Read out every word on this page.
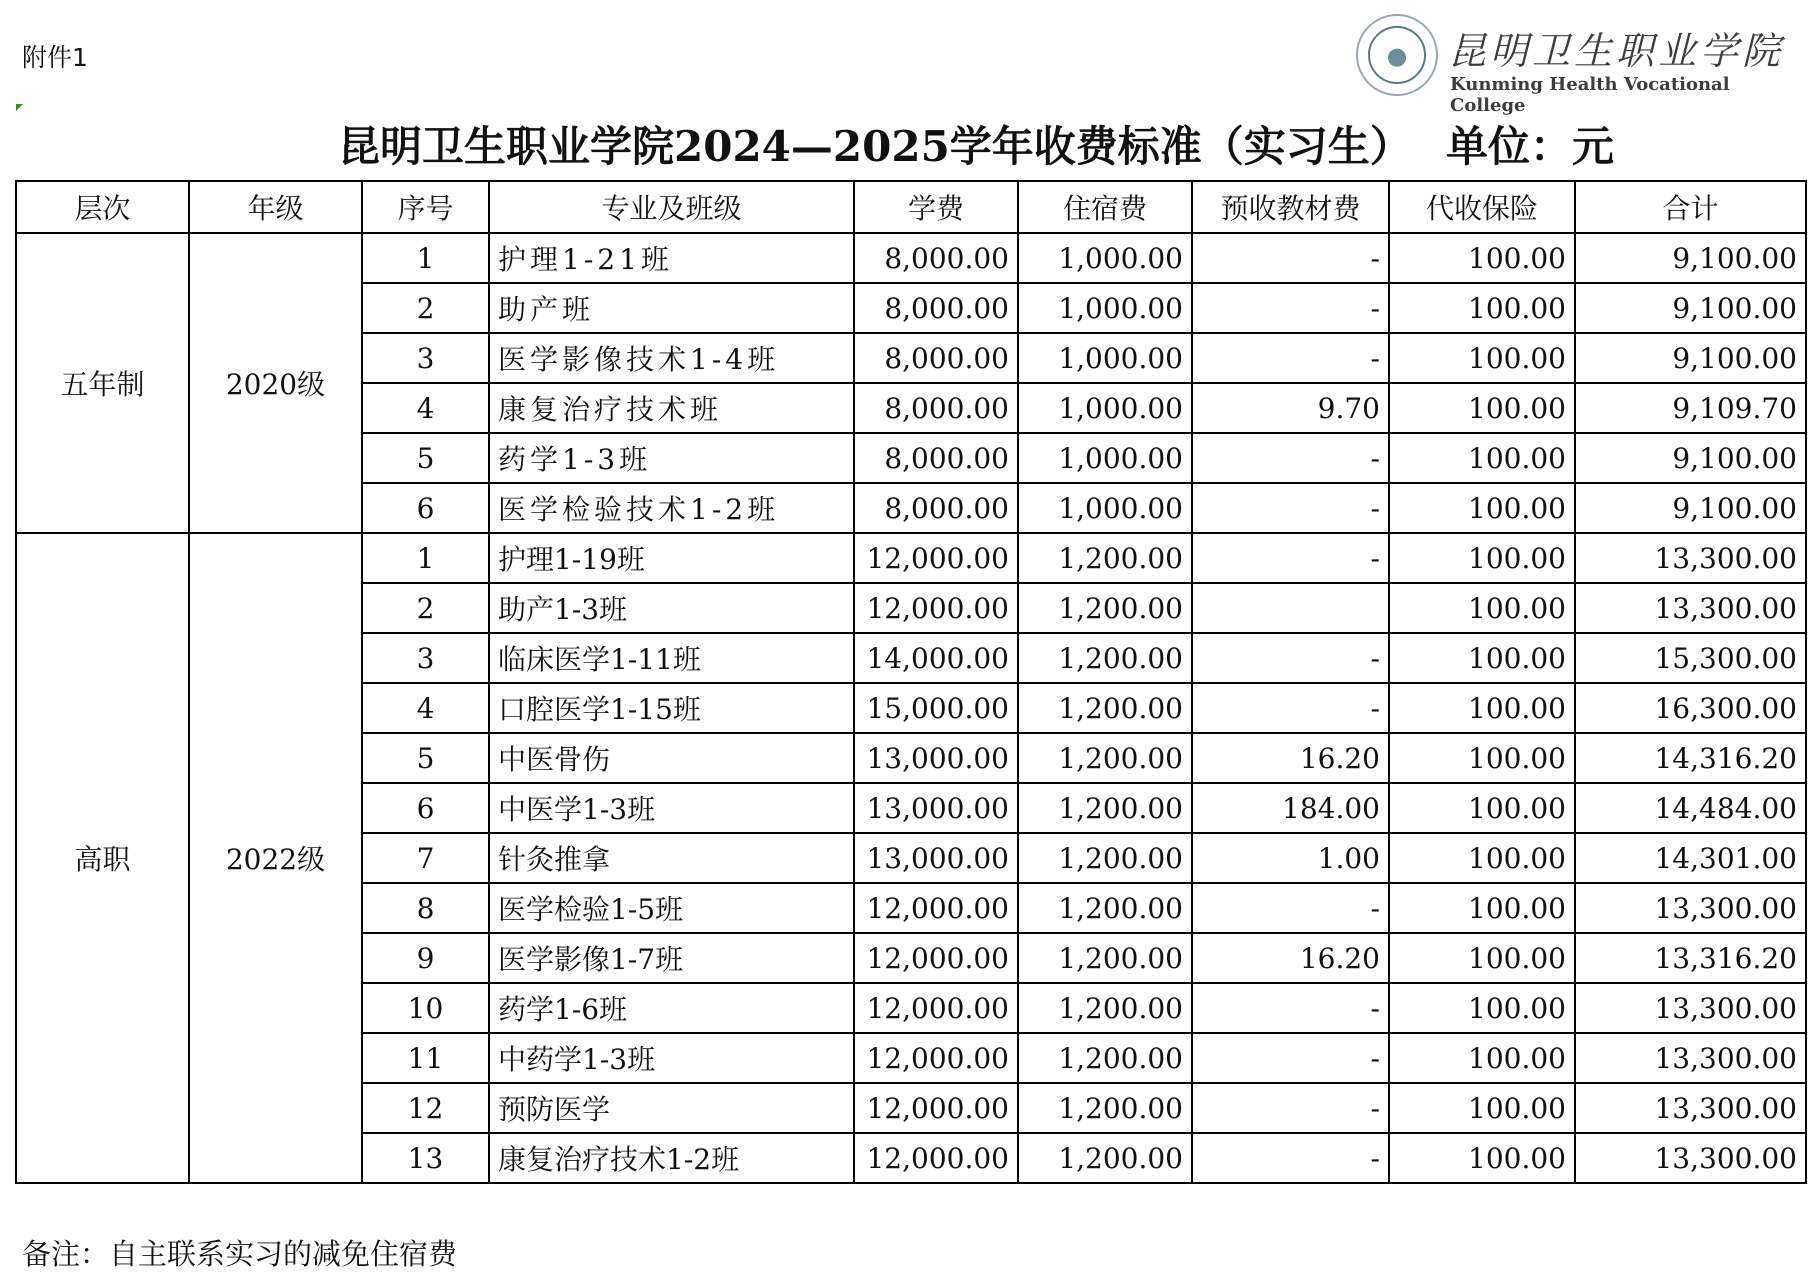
附件1	昆明卫生职业学院
Kunming Health Vocational College
昆明卫生职业学院2024—2025学年收费标准（实习生） 单位：元
层次	年级	序号	专业及班级	学费	住宿费	预收教材费	代收保险	合计
五年制	2020级	1	护理1-21班	8,000.00	1,000.00	-	100.00	9,100.00
		2	助产班	8,000.00	1,000.00	-	100.00	9,100.00
		3	医学影像技术1-4班	8,000.00	1,000.00	-	100.00	9,100.00
		4	康复治疗技术班	8,000.00	1,000.00	9.70	100.00	9,109.70
		5	药学1-3班	8,000.00	1,000.00	-	100.00	9,100.00
		6	医学检验技术1-2班	8,000.00	1,000.00	-	100.00	9,100.00
高职	2022级	1	护理1-19班	12,000.00	1,200.00	-	100.00	13,300.00
		2	助产1-3班	12,000.00	1,200.00		100.00	13,300.00
		3	临床医学1-11班	14,000.00	1,200.00	-	100.00	15,300.00
		4	口腔医学1-15班	15,000.00	1,200.00	-	100.00	16,300.00
		5	中医骨伤	13,000.00	1,200.00	16.20	100.00	14,316.20
		6	中医学1-3班	13,000.00	1,200.00	184.00	100.00	14,484.00
		7	针灸推拿	13,000.00	1,200.00	1.00	100.00	14,301.00
		8	医学检验1-5班	12,000.00	1,200.00	-	100.00	13,300.00
		9	医学影像1-7班	12,000.00	1,200.00	16.20	100.00	13,316.20
		10	药学1-6班	12,000.00	1,200.00	-	100.00	13,300.00
		11	中药学1-3班	12,000.00	1,200.00	-	100.00	13,300.00
		12	预防医学	12,000.00	1,200.00	-	100.00	13,300.00
		13	康复治疗技术1-2班	12,000.00	1,200.00	-	100.00	13,300.00
备注：自主联系实习的减免住宿费
